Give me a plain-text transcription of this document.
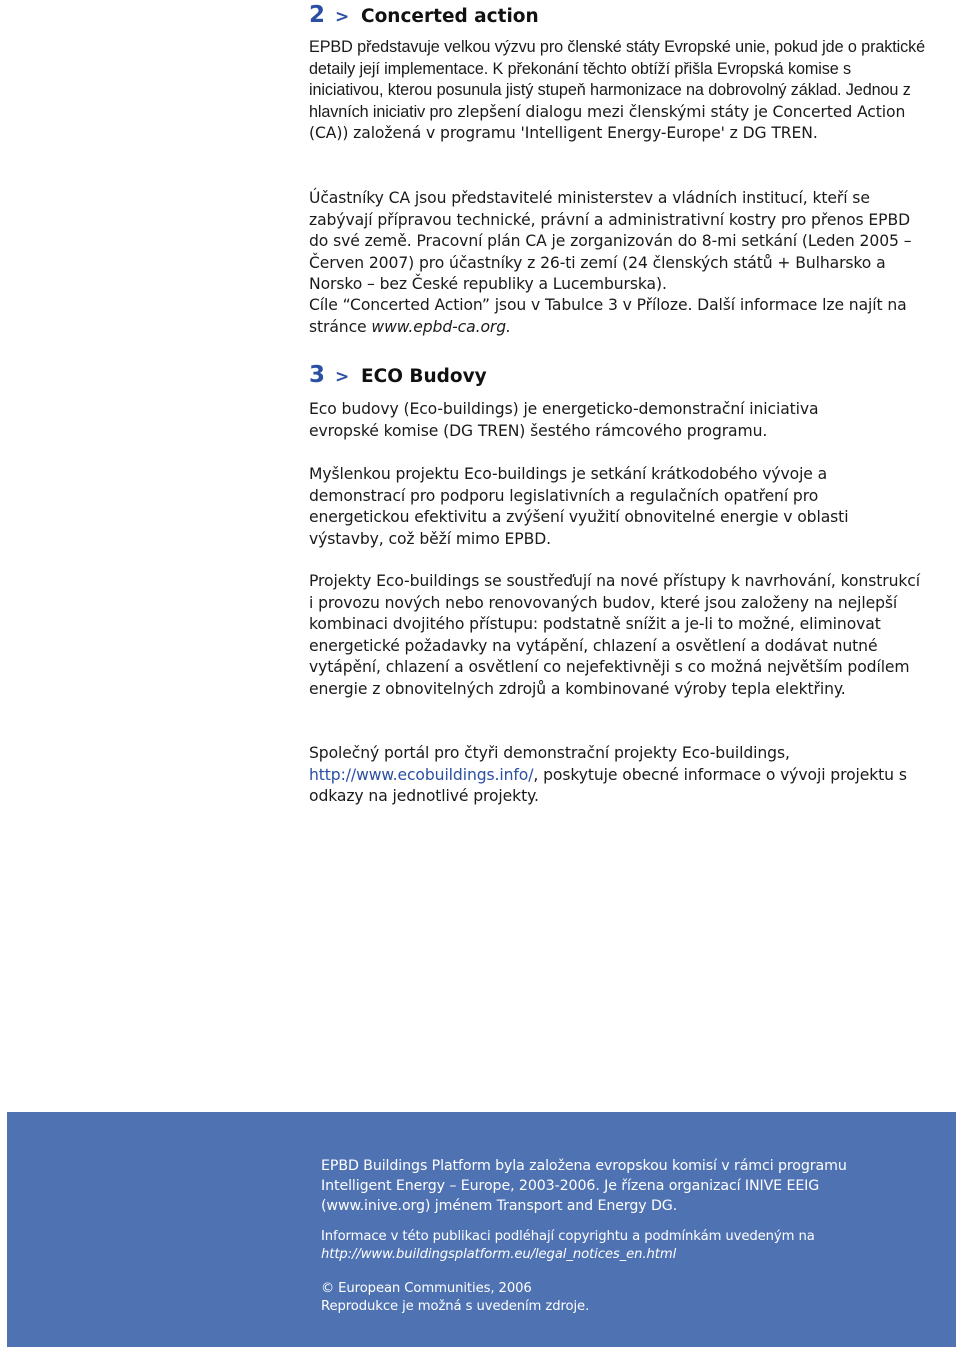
2 > Concerted action

EPBD představuje velkou výzvu pro členské státy Evropské unie, pokud jde o praktické detaily její implementace. K překonání těchto obtíží přišla Evropská komise s iniciativou, kterou posunula jistý stupeň harmonizace na dobrovolný základ. Jednou z hlavních iniciativ pro zlepšení dialogu mezi členskými státy je Concerted Action (CA)) založená v programu 'Intelligent Energy-Europe' z DG TREN.

Účastníky CA jsou představitelé ministerstev a vládních institucí, kteří se zabývají přípravou technické, právní a administrativní kostry pro přenos EPBD do své země. Pracovní plán CA je zorganizován do 8-mi setkání (Leden 2005 – Červen 2007) pro účastníky z 26-ti zemí (24 členských států + Bulharsko a Norsko – bez České republiky a Lucemburska).

Cíle “Concerted Action” jsou v Tabulce 3 v Příloze. Další informace lze najít na stránce www.epbd-ca.org.

3 > ECO Budovy

Eco budovy (Eco-buildings) je energeticko-demonstrační iniciativa evropské komise (DG TREN) šestého rámcového programu.

Myšlenkou projektu Eco-buildings je setkání krátkodobého vývoje a demonstrací pro podporu legislativních a regulačních opatření pro energetickou efektivitu a zvýšení využití obnovitelné energie v oblasti výstavby, což běží mimo EPBD.

Projekty Eco-buildings se soustřeďují na nové přístupy k navrhování, konstrukcí i provozu nových nebo renovovaných budov, které jsou založeny na nejlepší kombinaci dvojitého přístupu: podstatně snížit a je-li to možné, eliminovat energetické požadavky na vytápění, chlazení a osvětlení a dodávat nutné vytápění, chlazení a osvětlení co nejefektivněji s co možná největším podílem energie z obnovitelných zdrojů a kombinované výroby tepla elektřiny.

Společný portál pro čtyři demonstrační projekty Eco-buildings, http://www.ecobuildings.info/, poskytuje obecné informace o vývoji projektu s odkazy na jednotlivé projekty.

EPBD Buildings Platform byla založena evropskou komisí v rámci programu Intelligent Energy – Europe, 2003-2006. Je řízena organizací INIVE EEIG (www.inive.org) jménem Transport and Energy DG.

Informace v této publikaci podléhají copyrightu a podmínkám uvedeným na
http://www.buildingsplatform.eu/legal_notices_en.html

© European Communities, 2006
Reprodukce je možná s uvedením zdroje.
